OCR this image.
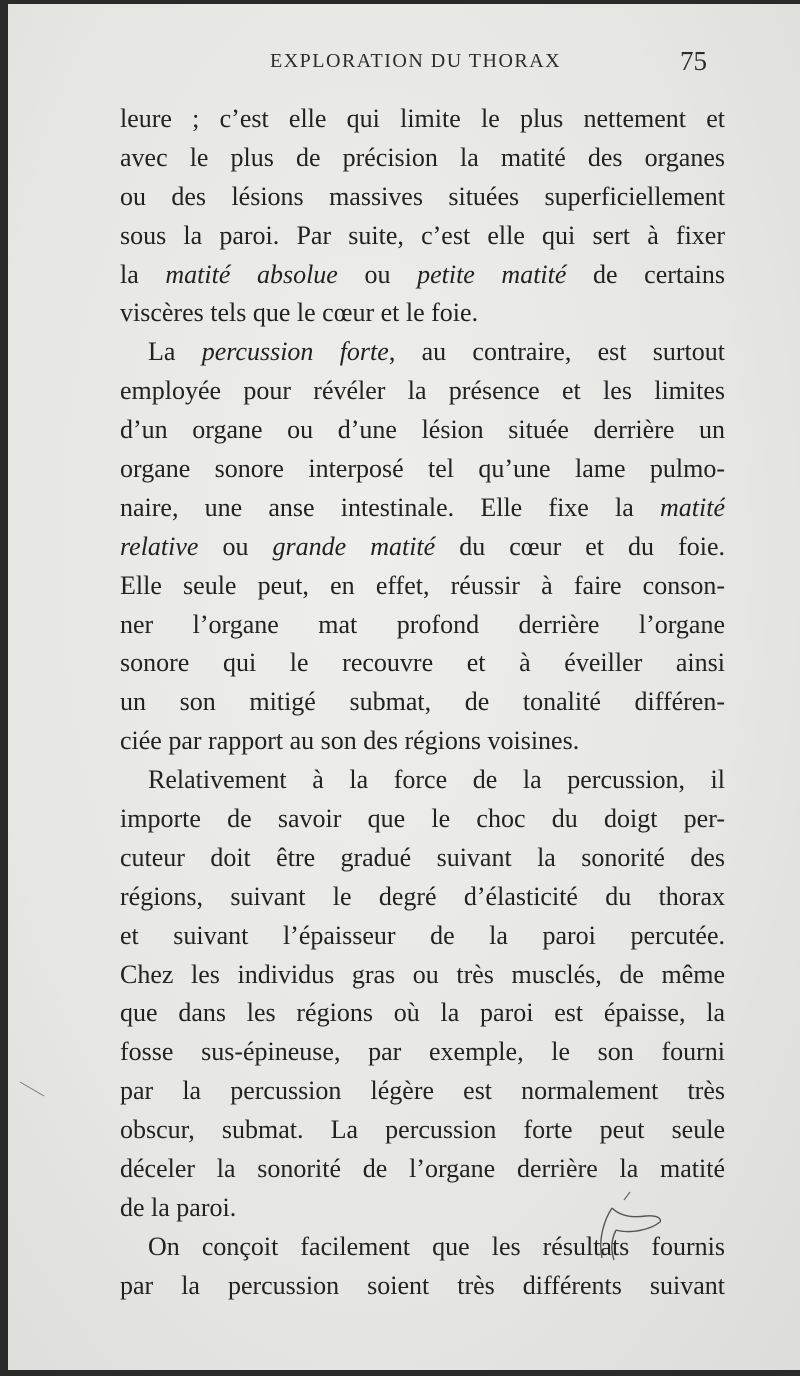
EXPLORATION DU THORAX	75
leure ; c’est elle qui limite le plus nettement et
avec le plus de précision la matité des organes
ou des lésions massives situées superficiellement
sous la paroi. Par suite, c’est elle qui sert à fixer
la matité absolue ou petite matité de certains
viscères tels que le cœur et le foie.
La percussion forte, au contraire, est surtout
employée pour révéler la présence et les limites
d’un organe ou d’une lésion située derrière un
organe sonore interposé tel qu’une lame pulmo-
naire, une anse intestinale. Elle fixe la matité
relative ou grande matité du cœur et du foie.
Elle seule peut, en effet, réussir à faire conson-
ner l’organe mat profond derrière l’organe
sonore qui le recouvre et à éveiller ainsi
un son mitigé submat, de tonalité différen-
ciée par rapport au son des régions voisines.
Relativement à la force de la percussion, il
importe de savoir que le choc du doigt per-
cuteur doit être gradué suivant la sonorité des
régions, suivant le degré d’élasticité du thorax
et suivant l’épaisseur de la paroi percutée.
Chez les individus gras ou très musclés, de même
que dans les régions où la paroi est épaisse, la
fosse sus-épineuse, par exemple, le son fourni
par la percussion légère est normalement très
obscur, submat. La percussion forte peut seule
déceler la sonorité de l’organe derrière la matité
de la paroi.
On conçoit facilement que les résultats fournis
par la percussion soient très différents suivant
